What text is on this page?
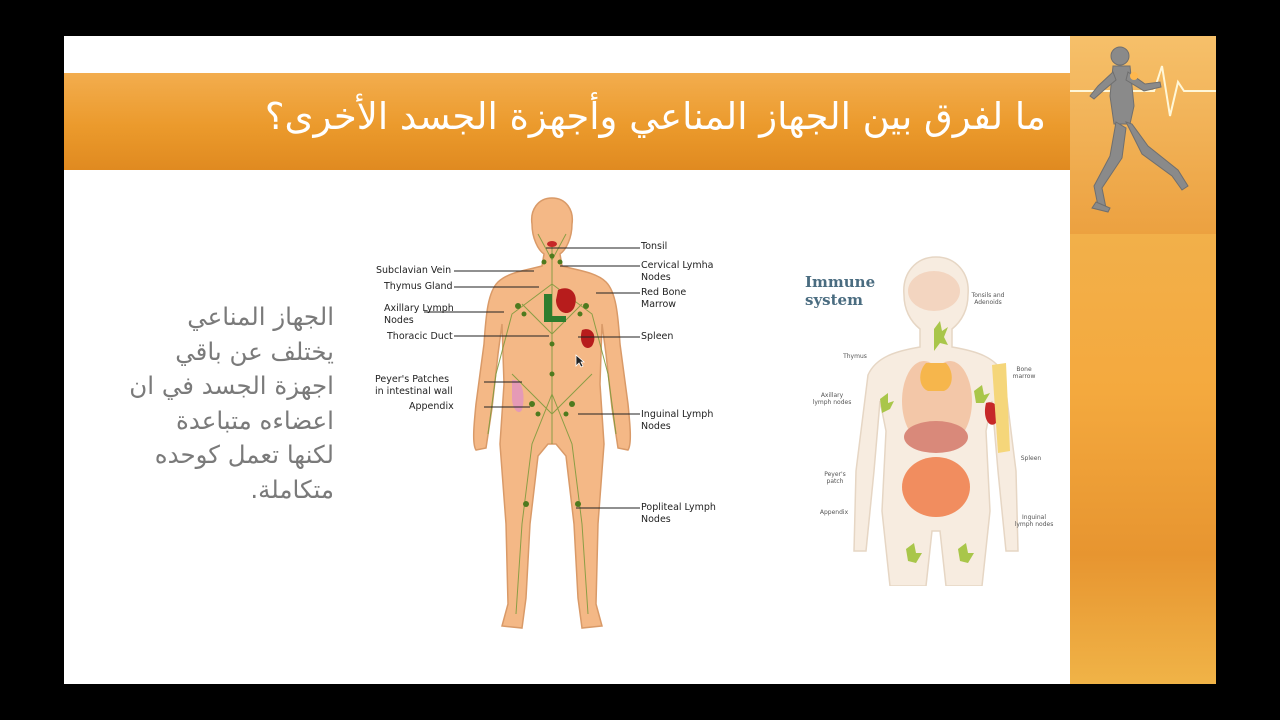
ما لفرق بين الجهاز المناعي وأجهزة الجسد الأخرى؟
الجهاز المناعي
يختلف عن باقي
اجهزة الجسد في ان
اعضاءه متباعدة
لكنها تعمل كوحده
متكاملة.
Subclavian Vein
Thymus Gland
Axillary Lymph
Nodes
Thoracic Duct
Peyer's Patches
in intestinal wall
Appendix
Tonsil
Cervical Lymha
Nodes
Red Bone
Marrow
Spleen
Inguinal Lymph
Nodes
Popliteal Lymph
Nodes
Immune
system	Tonsils and
Adenoids
Thymus
Bone
marrow
Axillary
lymph nodes
Spleen
Peyer's
patch
Appendix
Inguinal
lymph nodes
